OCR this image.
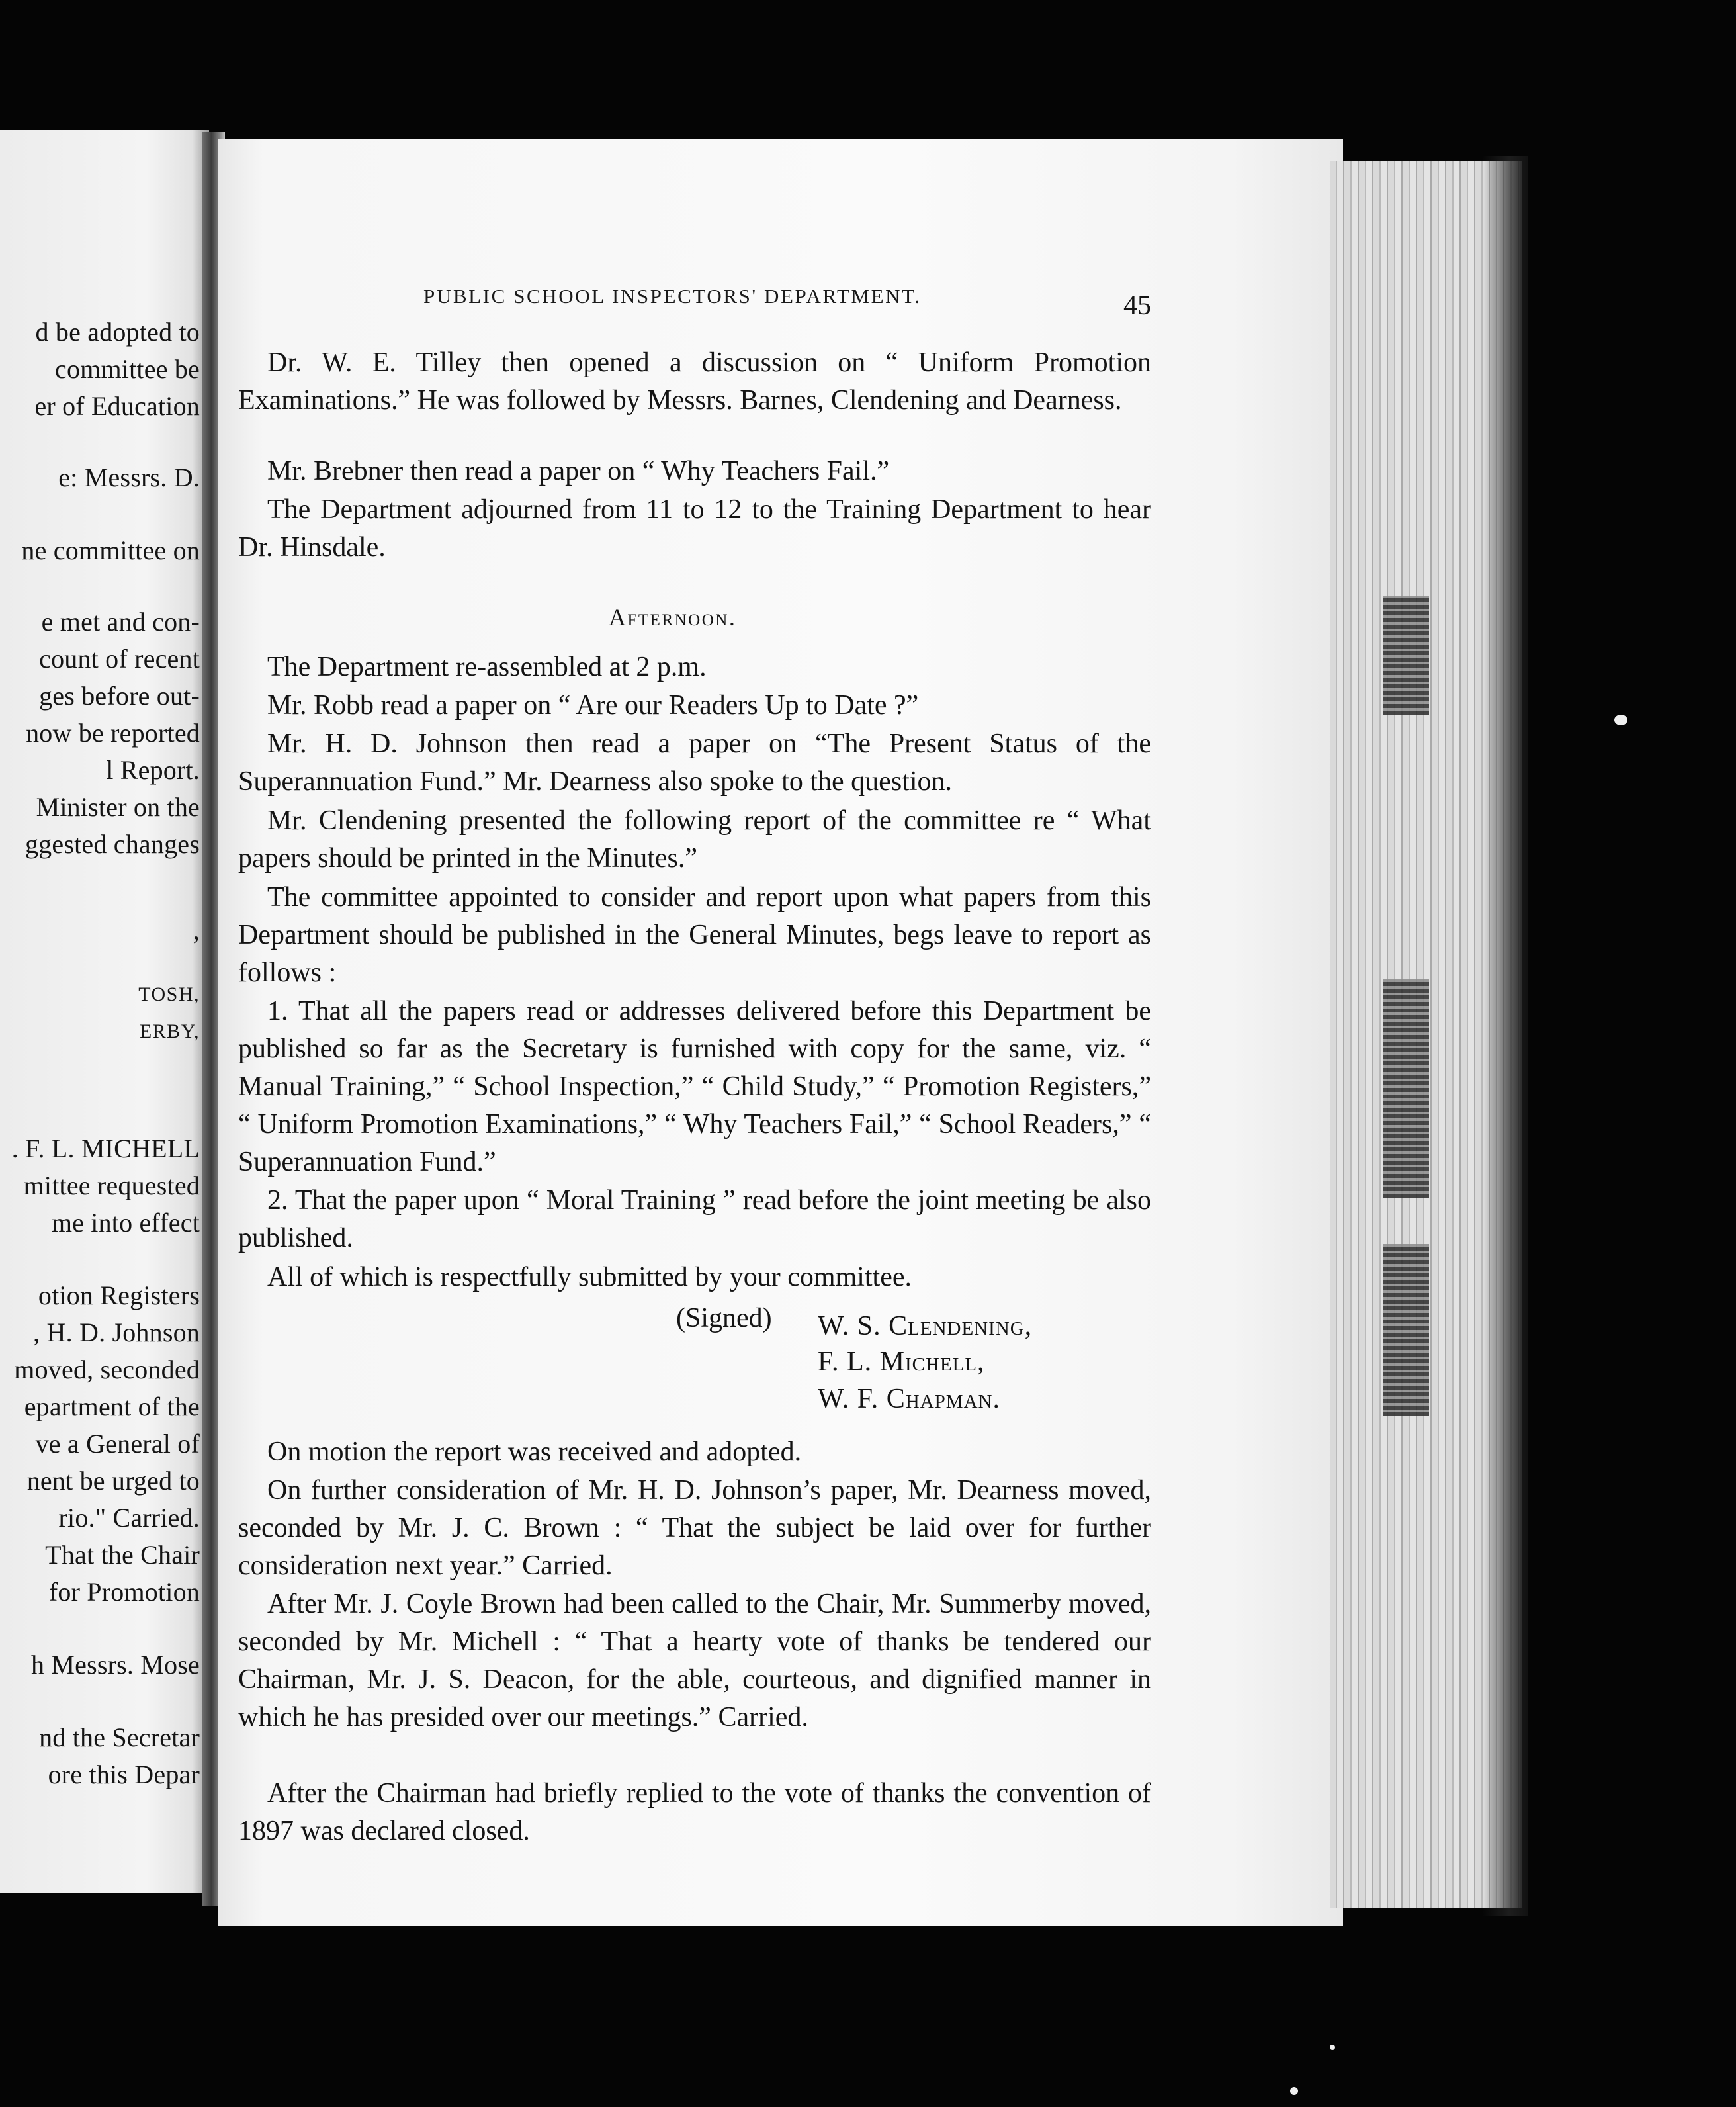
d be adopted to
committee be
er of Education
e: Messrs. D.
ne committee on
e met and con-
count of recent
ges before out-
now be reported
l Report.
Minister on the
ggested changes
,
TOSH,
ERBY,
. F. L. MICHELL
mittee requested
me into effect
otion Registers
, H. D. Johnson
moved, seconded
epartment of the
ve a General of
nent be urged to
rio." Carried.
That the Chair
for Promotion
h Messrs. Mose
nd the Secretar
ore this Depar
PUBLIC SCHOOL INSPECTORS' DEPARTMENT.	45

Dr. W. E. Tilley then opened a discussion on “ Uniform Promotion Examinations.” He was followed by Messrs. Barnes, Clendening and Dearness.

Mr. Brebner then read a paper on “ Why Teachers Fail.”

The Department adjourned from 11 to 12 to the Training Department to hear Dr. Hinsdale.

Afternoon.

The Department re-assembled at 2 p.m.

Mr. Robb read a paper on “ Are our Readers Up to Date ?”

Mr. H. D. Johnson then read a paper on “The Present Status of the Superannuation Fund.” Mr. Dearness also spoke to the question.

Mr. Clendening presented the following report of the committee re “ What papers should be printed in the Minutes.”

The committee appointed to consider and report upon what papers from this Department should be published in the General Minutes, begs leave to report as follows :

1. That all the papers read or addresses delivered before this Department be published so far as the Secretary is furnished with copy for the same, viz. “ Manual Training,” “ School Inspection,” “ Child Study,” “ Promotion Registers,” “ Uniform Promotion Examinations,” “ Why Teachers Fail,” “ School Readers,” “ Superannuation Fund.”

2. That the paper upon “ Moral Training ” read before the joint meeting be also published.

All of which is respectfully submitted by your committee.

(Signed) W. S. Clendening,
F. L. Michell,
W. F. Chapman.

On motion the report was received and adopted.

On further consideration of Mr. H. D. Johnson’s paper, Mr. Dearness moved, seconded by Mr. J. C. Brown : “ That the subject be laid over for further consideration next year.” Carried.

After Mr. J. Coyle Brown had been called to the Chair, Mr. Summerby moved, seconded by Mr. Michell : “ That a hearty vote of thanks be tendered our Chairman, Mr. J. S. Deacon, for the able, courteous, and dignified manner in which he has presided over our meetings.” Carried.

After the Chairman had briefly replied to the vote of thanks the convention of 1897 was declared closed.
